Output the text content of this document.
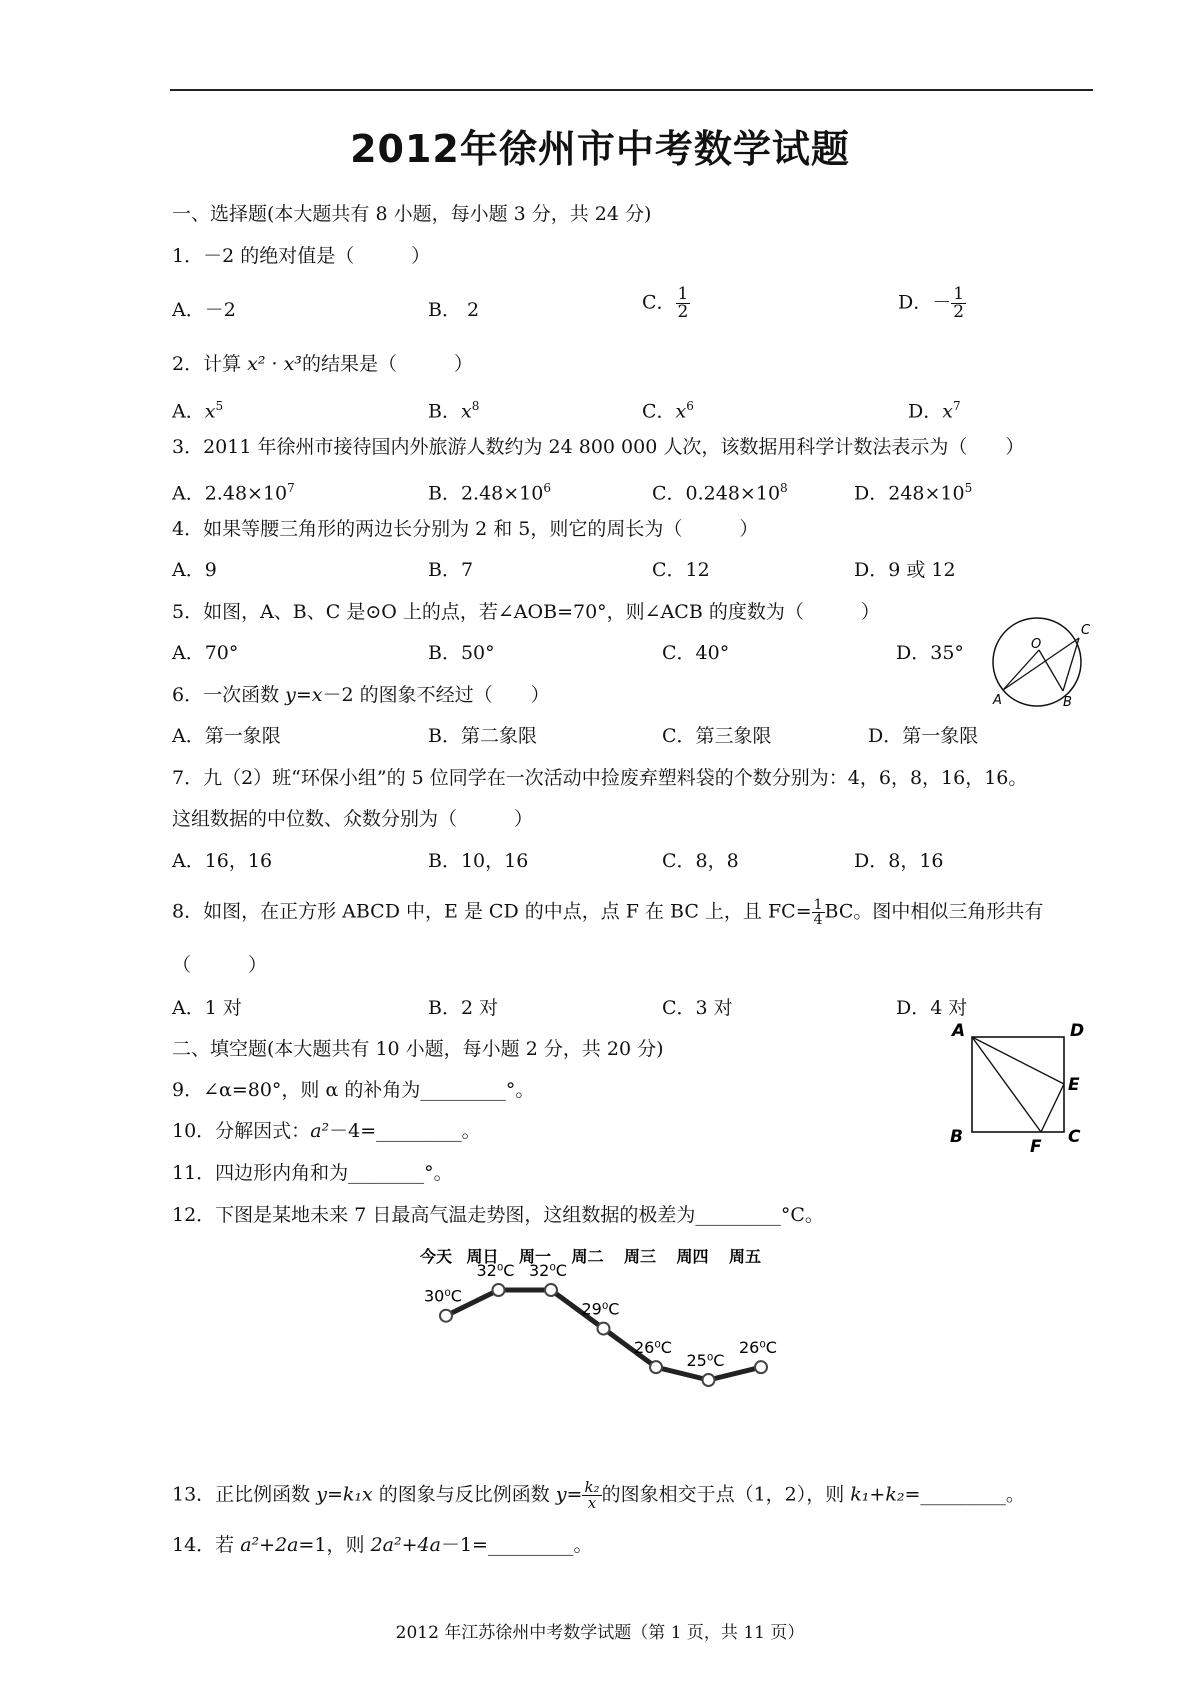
2012年徐州市中考数学试题
一、选择题(本大题共有 8 小题，每小题 3 分，共 24 分)
1．－2 的绝对值是（　　　）
A．－2	B． 2	C． $\frac{1}{2}$	D．－ $\frac{1}{2}$
2．计算 x² · x³的结果是（　　　）
A．$x^5$	B．$x^8$	C．$x^6$	D．$x^7$
3．2011 年徐州市接待国内外旅游人数约为 24 800 000 人次，该数据用科学计数法表示为（　　）
A．$2.48\times 10^7$	B．$2.48\times 10^6$	C．$0.248\times 10^8$	D．$248\times 10^5$
4．如果等腰三角形的两边长分别为 2 和 5，则它的周长为（　　　）
A．9	B．7	C．12	D．9 或 12
5．如图，A、B、C 是⊙O 上的点，若∠AOB=70°，则∠ACB 的度数为（　　　）
A．70°	B．50°	C．40°	D．35°	O
A	B
C
6．一次函数 y=x－2 的图象不经过（　　）
A．第一象限	B．第二象限	C．第三象限	D．第一象限
7．九（2）班“环保小组”的 5 位同学在一次活动中捡废弃塑料袋的个数分别为：4，6，8，16，16。
这组数据的中位数、众数分别为（　　　）
A．16，16	B．10，16	C．8，8	D．8，16
8．如图，在正方形 ABCD 中，E 是 CD 的中点，点 F 在 BC 上，且 $FC= \frac{1}{4}$ BC。图中相似三角形共有
（　　　）
A．1 对	B．2 对	C．3 对	D．4 对
A	D
E
B	F C
二、填空题(本大题共有 10 小题，每小题 2 分，共 20 分)
9．∠α=80°，则 α 的补角为_________°。
10．分解因式：a²－4=_________。
11．四边形内角和为________°。
12．下图是某地未来 7 日最高气温走势图，这组数据的极差为_________°C。
今天 周日 周一 周二 周三 周四 周五
30⁰C
32⁰C 32⁰C
29⁰C
26⁰C
25⁰C
26⁰C
13．正比例函数 y=k₁x 的图象与反比例函数 $y= \frac{\text{k₂}}{x}$ 的图象相交于点（1，2），则 k₁+k₂=_________。
14．若 a²+2a=1，则 2a²+4a－1=_________。
2012 年江苏徐州中考数学试题（第 1 页，共 11 页）
